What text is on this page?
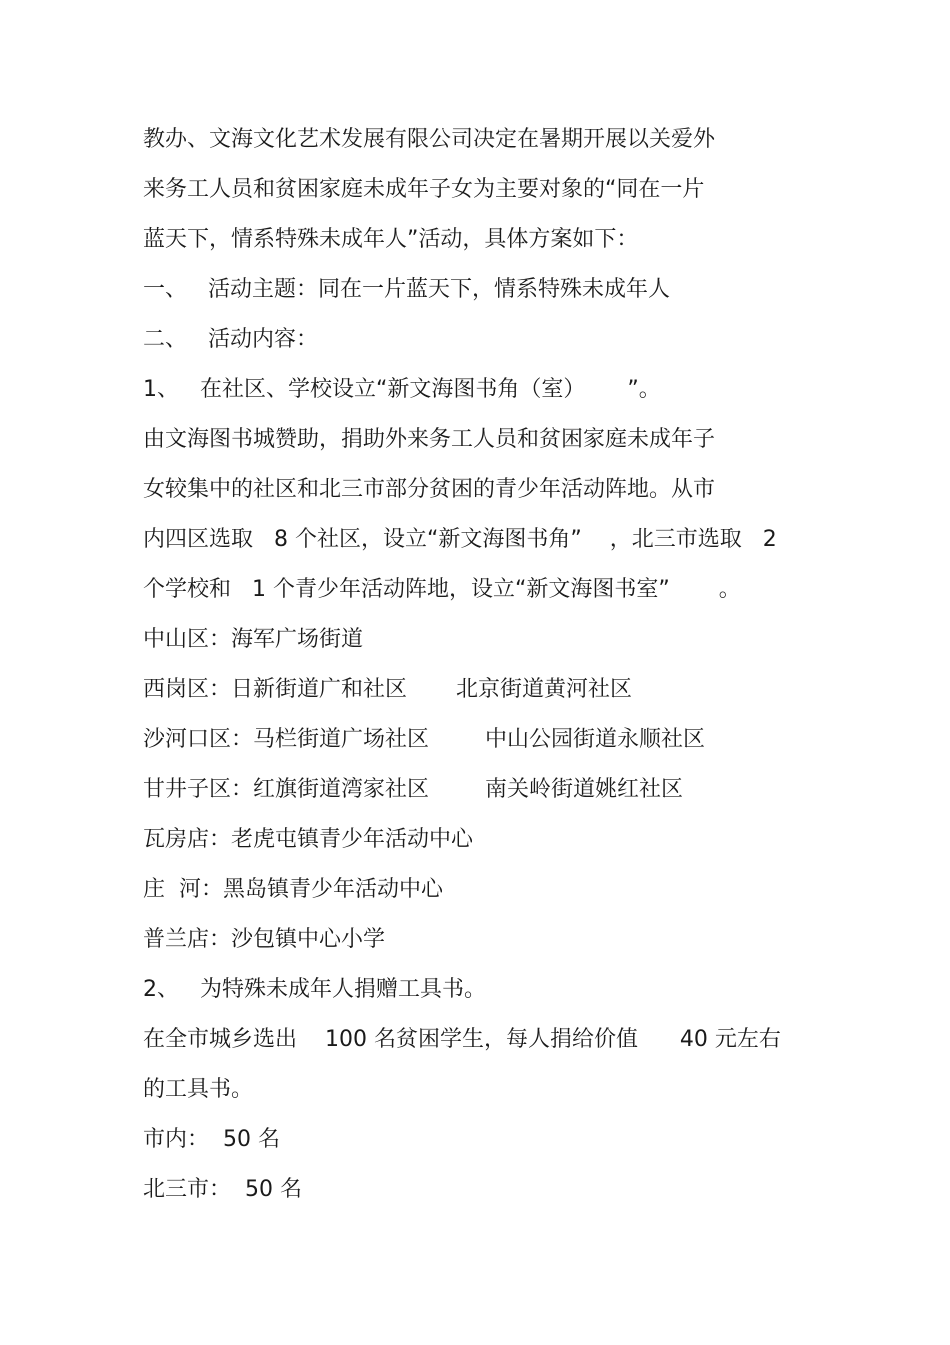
教办、文海文化艺术发展有限公司决定在暑期开展以关爱外
来务工人员和贫困家庭未成年子女为主要对象的“同在一片
蓝天下，情系特殊未成年人”活动，具体方案如下：
一、   活动主题：同在一片蓝天下，情系特殊未成年人
二、   活动内容：
1、   在社区、学校设立“新文海图书角（室）      ”。
由文海图书城赞助，捐助外来务工人员和贫困家庭未成年子
女较集中的社区和北三市部分贫困的青少年活动阵地。从市
内四区选取   8 个社区，设立“新文海图书角”    ，北三市选取   2
个学校和   1 个青少年活动阵地，设立“新文海图书室”       。
中山区：海军广场街道
西岗区：日新街道广和社区       北京街道黄河社区
沙河口区：马栏街道广场社区        中山公园街道永顺社区
甘井子区：红旗街道湾家社区        南关岭街道姚红社区
瓦房店：老虎屯镇青少年活动中心
庄  河：黑岛镇青少年活动中心
普兰店：沙包镇中心小学
2、   为特殊未成年人捐赠工具书。
在全市城乡选出    100 名贫困学生，每人捐给价值      40 元左右
的工具书。
市内：  50 名
北三市：  50 名
